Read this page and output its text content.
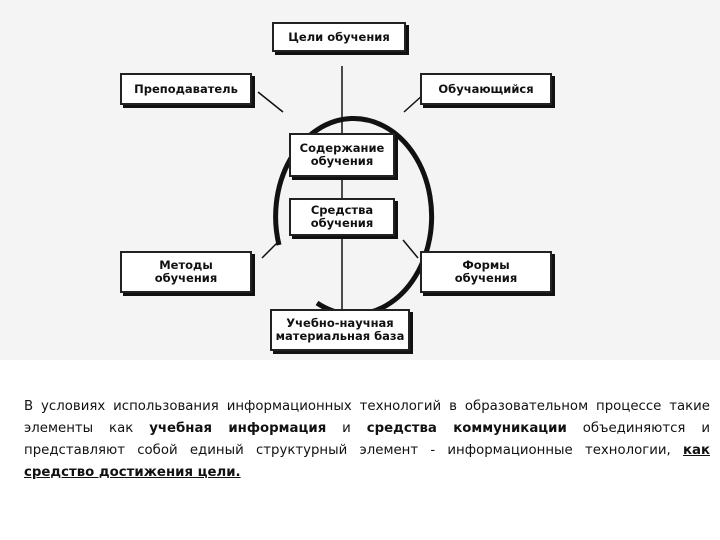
Цели обучения
Преподаватель	Обучающийся
Содержание
обучения
Средства
обучения
Методы
обучения
Формы
обучения
Учебно-научная
материальная база
В условиях использования информационных технологий в образовательном процессе такие элементы как учебная информация и средства коммуникации объединяются и представляют собой единый структурный элемент - информационные технологии, как средство достижения цели.
